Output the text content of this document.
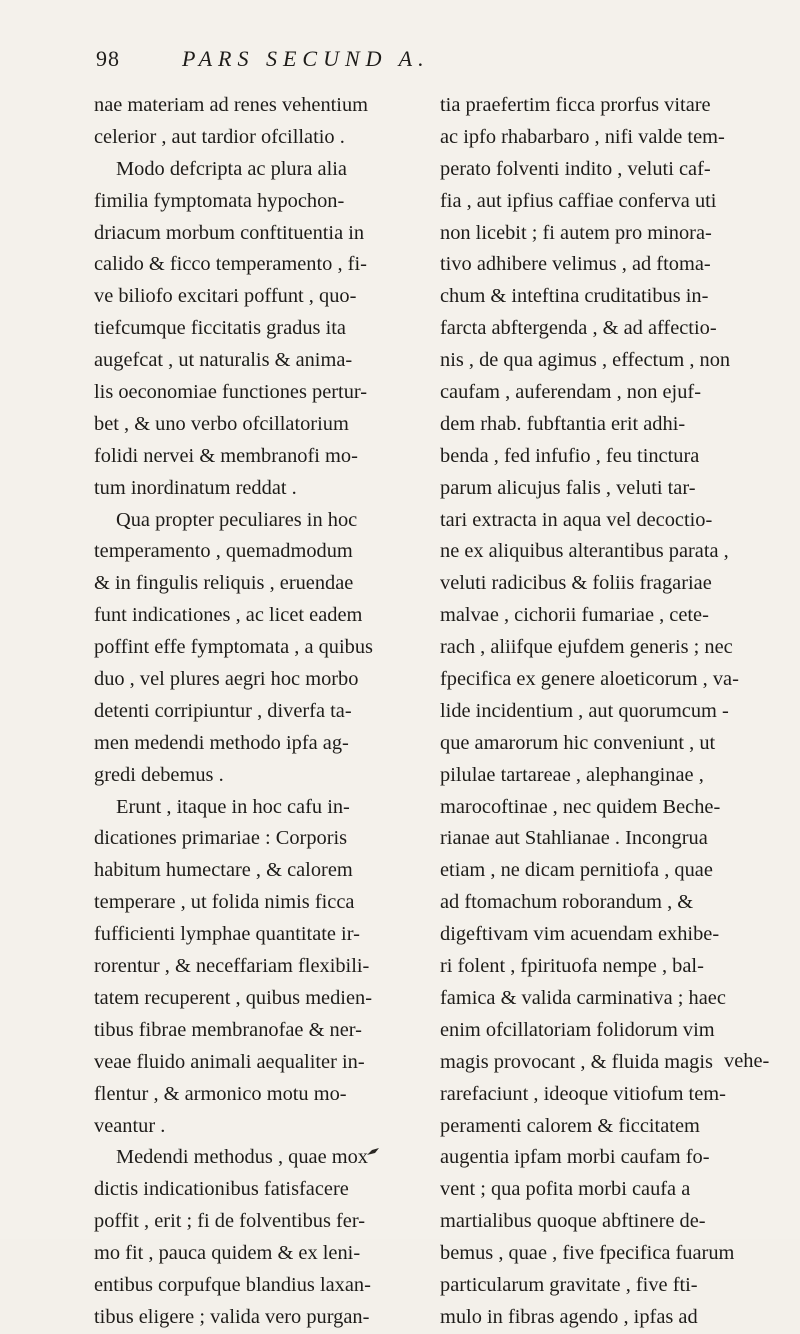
98	PARS SECUND A.
nae materiam ad renes vehentium
celerior , aut tardior ofcillatio .
Modo defcripta ac plura alia
fimilia fymptomata hypochon-
driacum morbum conftituentia in
calido & ficco temperamento , fi-
ve biliofo excitari poffunt , quo-
tiefcumque ficcitatis gradus ita
augefcat , ut naturalis & anima-
lis oeconomiae functiones pertur-
bet , & uno verbo ofcillatorium
folidi nervei & membranofi mo-
tum inordinatum reddat .
Qua propter peculiares in hoc
temperamento , quemadmodum
& in fingulis reliquis , eruendae
funt indicationes , ac licet eadem
poffint effe fymptomata , a quibus
duo , vel plures aegri hoc morbo
detenti corripiuntur , diverfa ta-
men medendi methodo ipfa ag-
gredi debemus .
Erunt , itaque in hoc cafu in-
dicationes primariae : Corporis
habitum humectare , & calorem
temperare , ut folida nimis ficca
fufficienti lymphae quantitate ir-
rorentur , & neceffariam flexibili-
tatem recuperent , quibus medien-
tibus fibrae membranofae & ner-
veae fluido animali aequaliter in-
flentur , & armonico motu mo-
veantur .
Medendi methodus , quae mox
dictis indicationibus fatisfacere
poffit , erit ; fi de folventibus fer-
mo fit , pauca quidem & ex leni-
entibus corpufque blandius laxan-
tibus eligere ; valida vero purgan-
tia praefertim ficca prorfus vitare
ac ipfo rhabarbaro , nifi valde tem-
perato folventi indito , veluti caf-
fia , aut ipfius caffiae conferva uti
non licebit ; fi autem pro minora-
tivo adhibere velimus , ad ftoma-
chum & inteftina cruditatibus in-
farcta abftergenda , & ad affectio-
nis , de qua agimus , effectum , non
caufam , auferendam , non ejuf-
dem rhab. fubftantia erit adhi-
benda , fed infufio , feu tinctura
parum alicujus falis , veluti tar-
tari extracta in aqua vel decoctio-
ne ex aliquibus alterantibus parata ,
veluti radicibus & foliis fragariae
malvae , cichorii fumariae , cete-
rach , aliifque ejufdem generis ; nec
fpecifica ex genere aloeticorum , va-
lide incidentium , aut quorumcum -
que amarorum hic conveniunt , ut
pilulae tartareae , alephanginae ,
marocoftinae , nec quidem Beche-
rianae aut Stahlianae . Incongrua
etiam , ne dicam pernitiofa , quae
ad ftomachum roborandum , &
digeftivam vim acuendam exhibe-
ri folent , fpirituofa nempe , bal-
famica & valida carminativa ; haec
enim ofcillatoriam folidorum vim
magis provocant , & fluida magis
rarefaciunt , ideoque vitiofum tem-
peramenti calorem & ficcitatem
augentia ipfam morbi caufam fo-
vent ; qua pofita morbi caufa a
martialibus quoque abftinere de-
bemus , quae , five fpecifica fuarum
particularum gravitate , five fti-
mulo in fibras agendo , ipfas ad
vehe-
